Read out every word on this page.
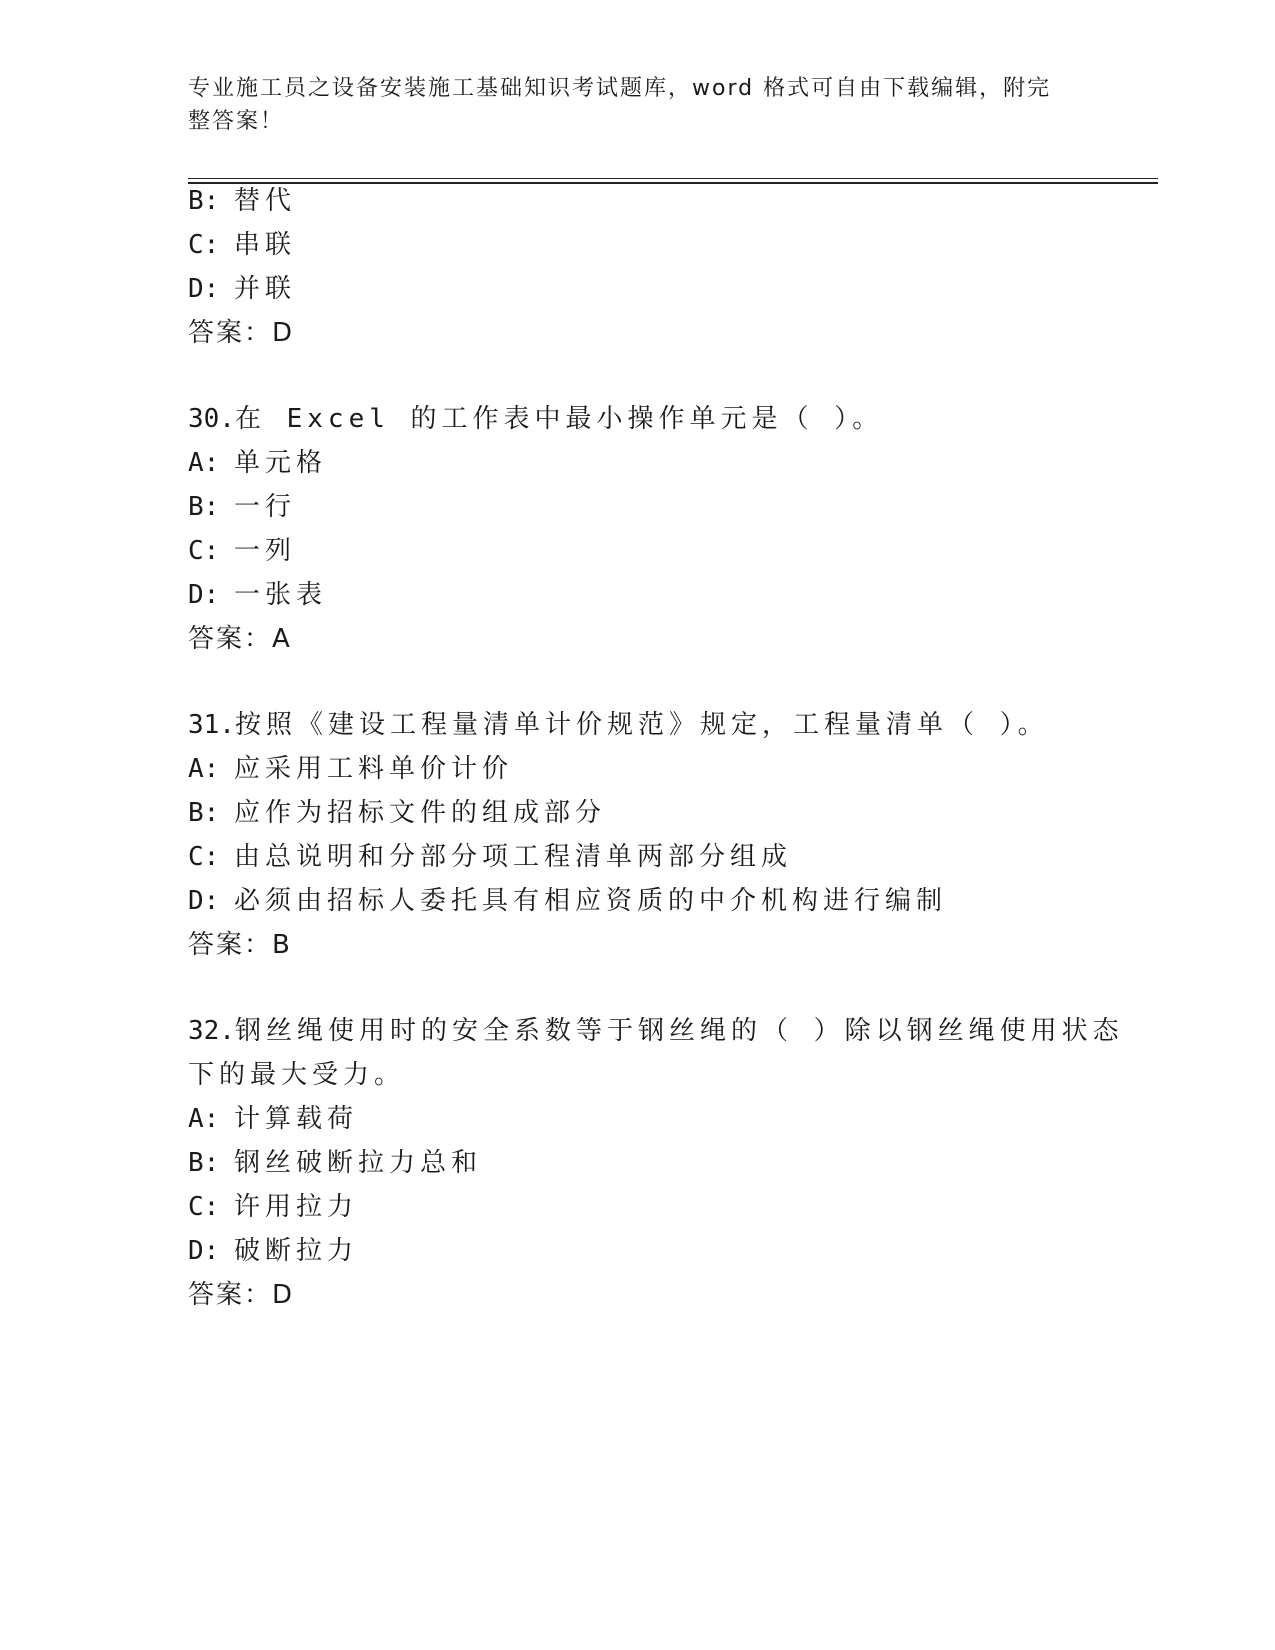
专业施工员之设备安装施工基础知识考试题库，word 格式可自由下载编辑，附完
整答案！
B: 替代
C: 串联
D: 并联
答案：D
30.在 Excel 的工作表中最小操作单元是（ ）。
A: 单元格
B: 一行
C: 一列
D: 一张表
答案：A
31.按照《建设工程量清单计价规范》规定，工程量清单（ ）。
A: 应采用工料单价计价
B: 应作为招标文件的组成部分
C: 由总说明和分部分项工程清单两部分组成
D: 必须由招标人委托具有相应资质的中介机构进行编制
答案：B
32.钢丝绳使用时的安全系数等于钢丝绳的（ ）除以钢丝绳使用状态
下的最大受力。
A: 计算载荷
B: 钢丝破断拉力总和
C: 许用拉力
D: 破断拉力
答案：D
